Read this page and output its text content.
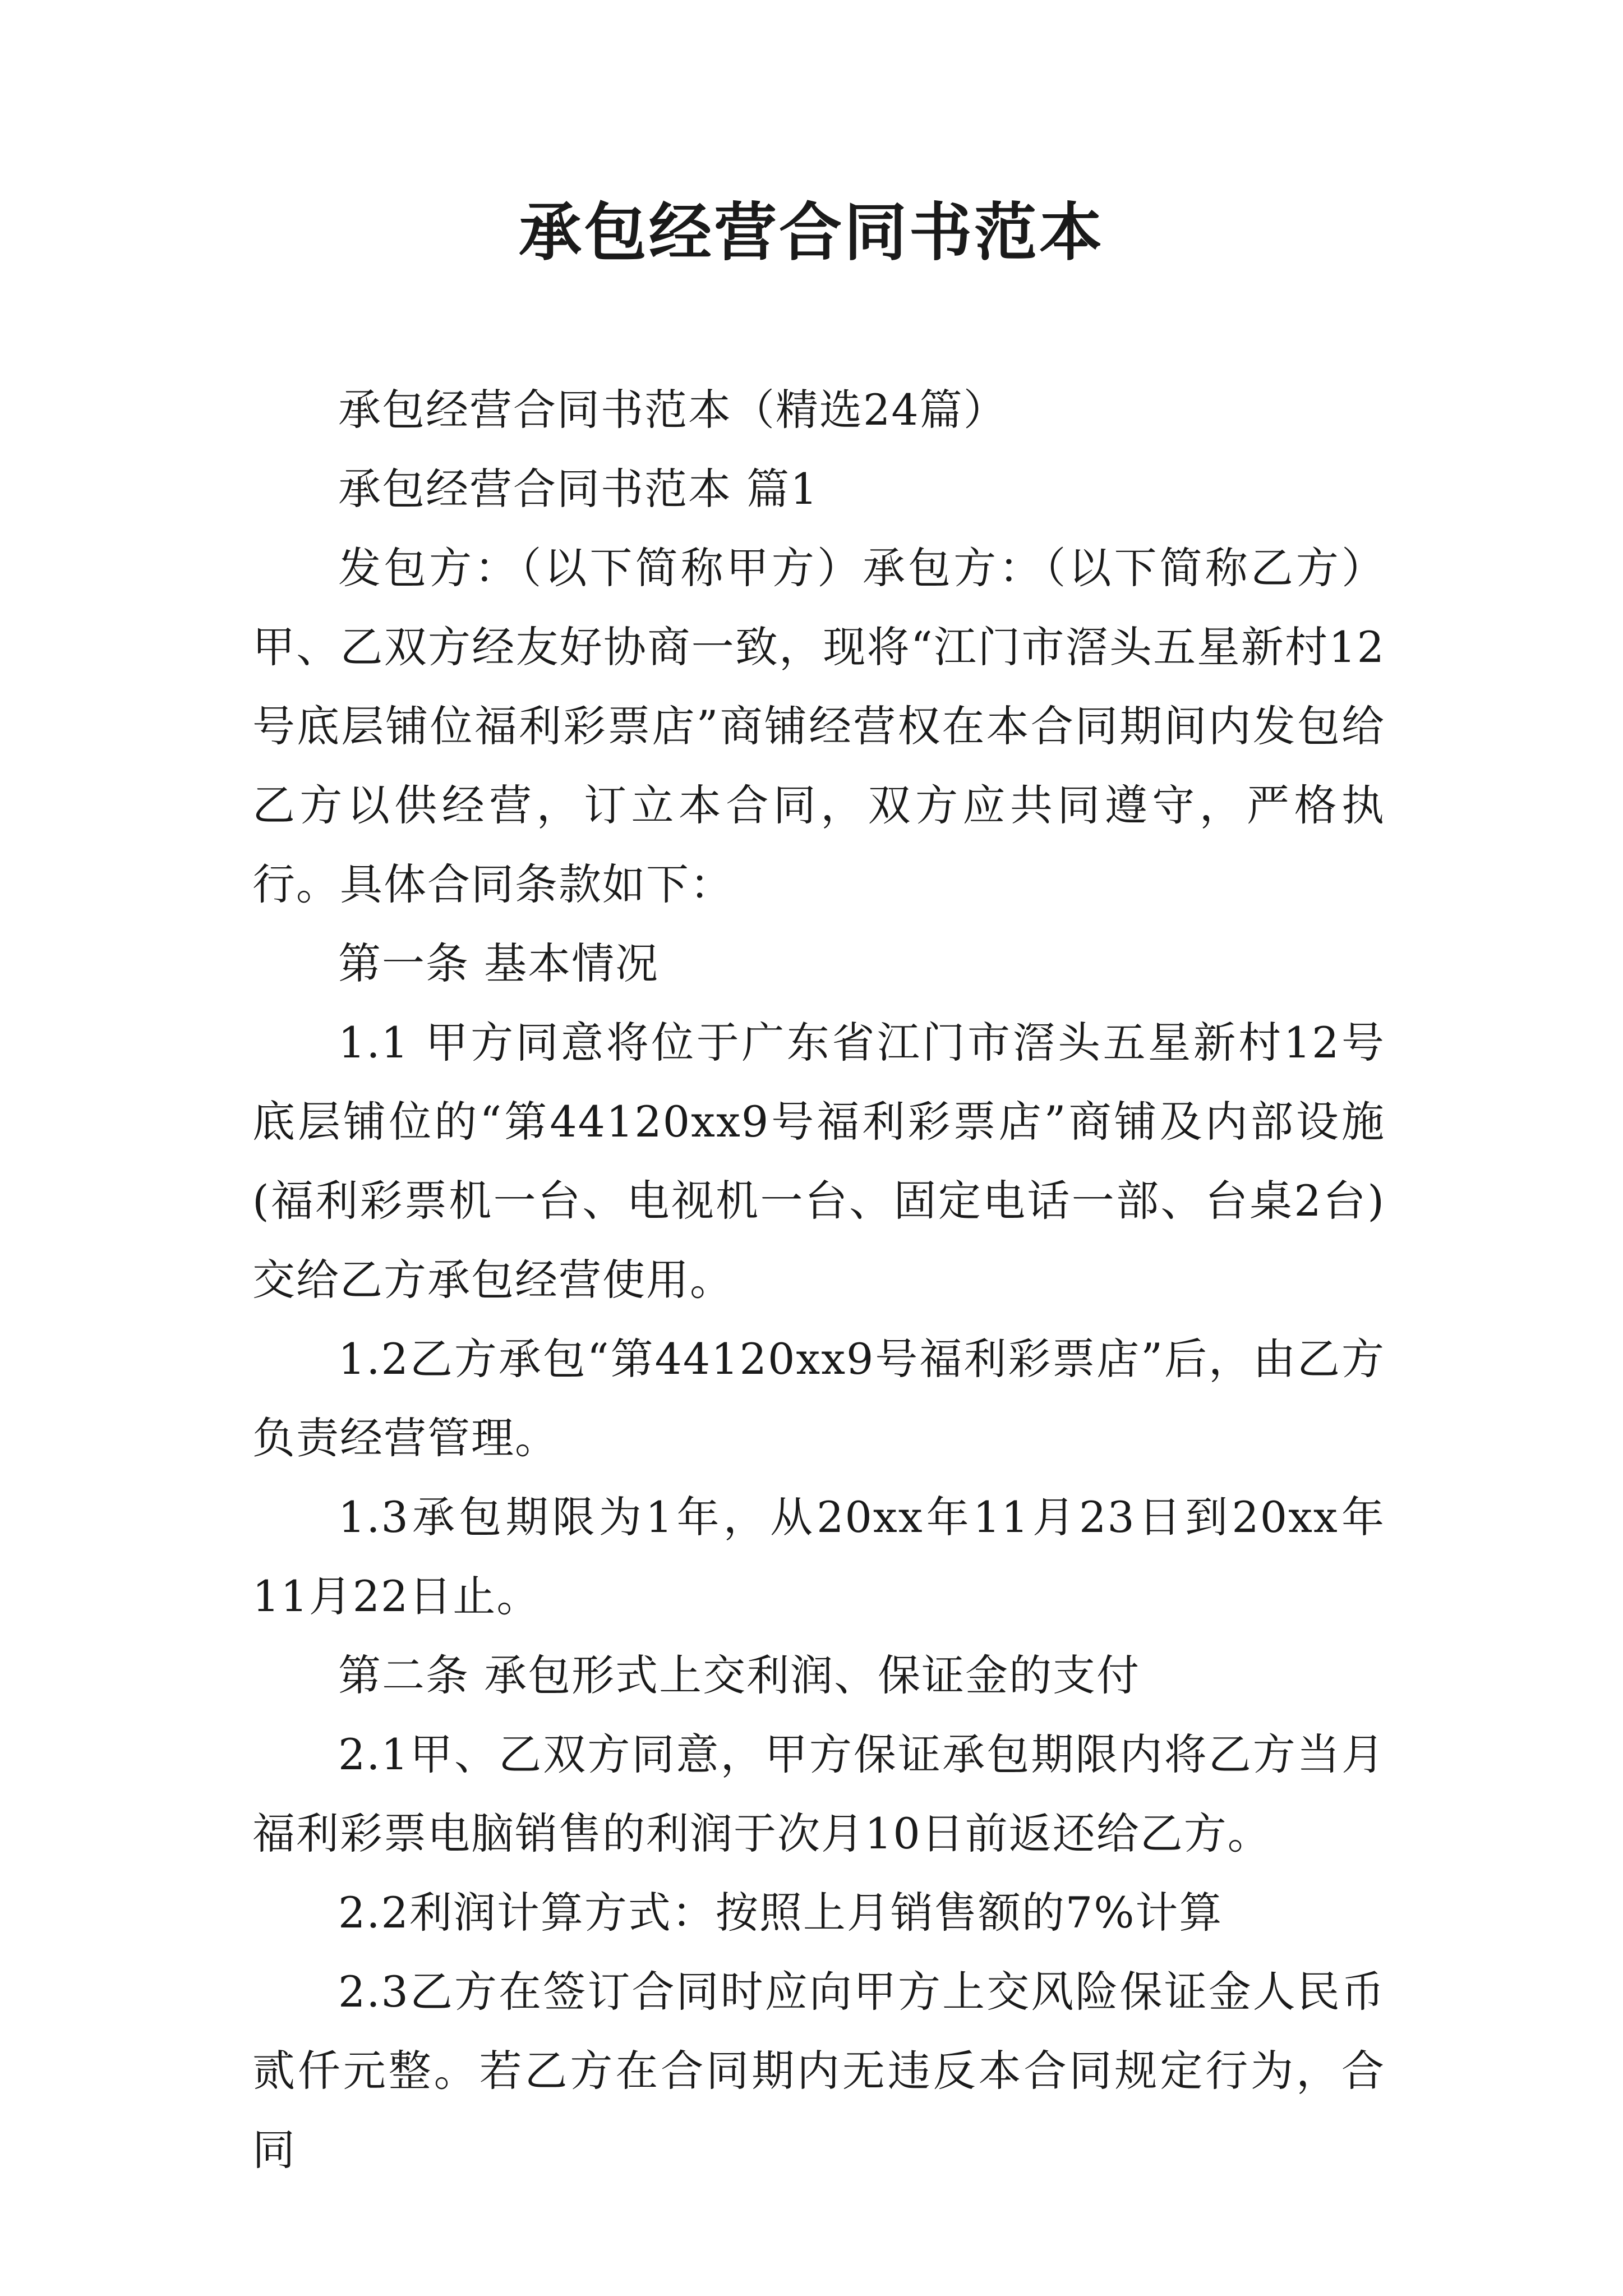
承包经营合同书范本

承包经营合同书范本（精选24篇）

承包经营合同书范本 篇1

发包方：（以下简称甲方）承包方：（以下简称乙方）甲、乙双方经友好协商一致，现将“江门市滘头五星新村12号底层铺位福利彩票店”商铺经营权在本合同期间内发包给乙方以供经营，订立本合同，双方应共同遵守，严格执行。具体合同条款如下：

第一条 基本情况

1.1 甲方同意将位于广东省江门市滘头五星新村12号底层铺位的“第44120xx9号福利彩票店”商铺及内部设施(福利彩票机一台、电视机一台、固定电话一部、台桌2台)交给乙方承包经营使用。

1.2乙方承包“第44120xx9号福利彩票店”后，由乙方负责经营管理。

1.3承包期限为1年，从20xx年11月23日到20xx年11月22日止。

第二条 承包形式上交利润、保证金的支付

2.1甲、乙双方同意，甲方保证承包期限内将乙方当月福利彩票电脑销售的利润于次月10日前返还给乙方。

2.2利润计算方式：按照上月销售额的7%计算

2.3乙方在签订合同时应向甲方上交风险保证金人民币贰仟元整。若乙方在合同期内无违反本合同规定行为，合同
